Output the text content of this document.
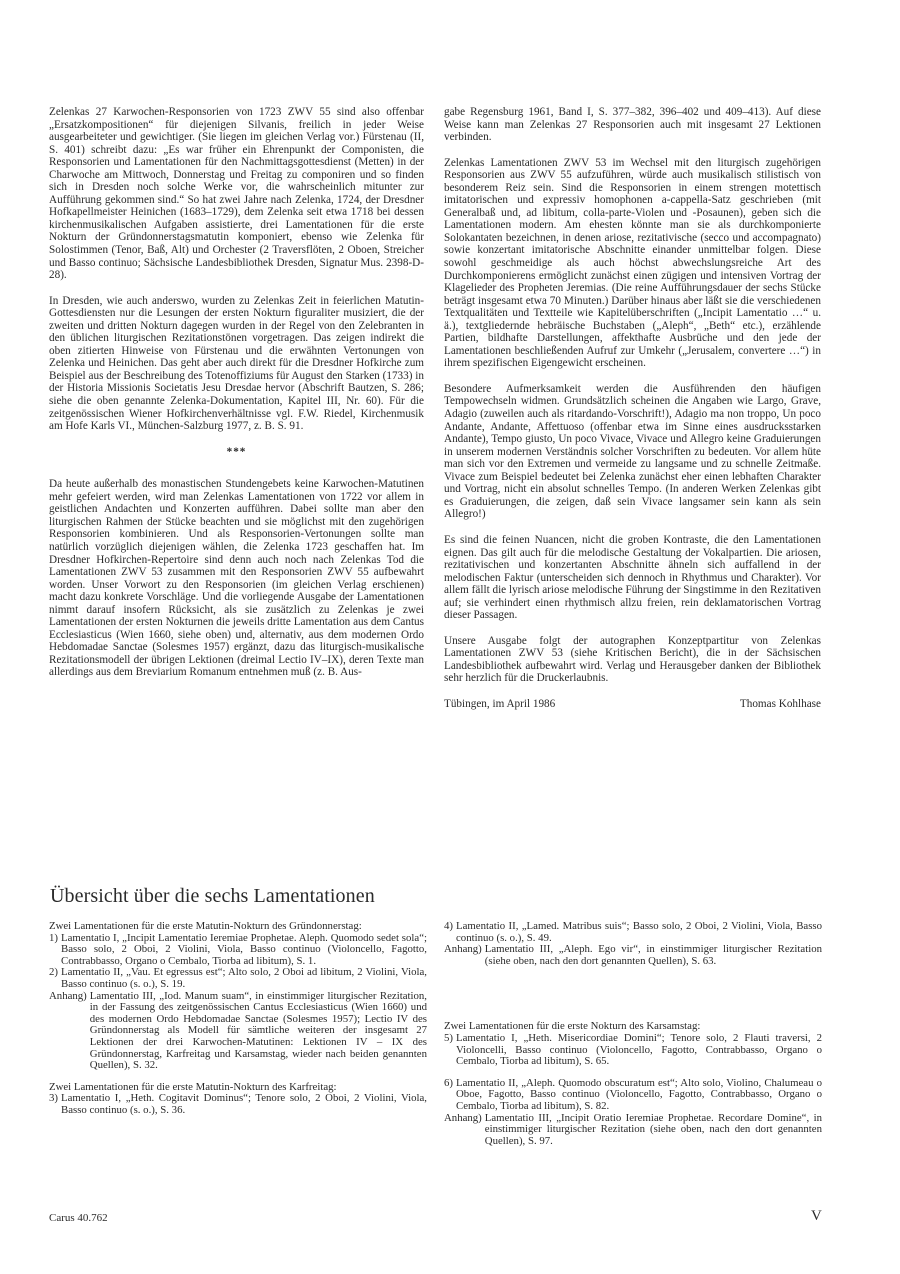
Zelenkas 27 Karwochen-Responsorien von 1723 ZWV 55 sind also offenbar „Ersatzkompositionen“ für diejenigen Silvanis, freilich in jeder Weise ausgearbeiteter und gewichtiger. (Sie liegen im gleichen Verlag vor.) Fürstenau (II, S. 401) schreibt dazu: „Es war früher ein Ehrenpunkt der Componisten, die Responsorien und Lamentationen für den Nachmittagsgottesdienst (Metten) in der Charwoche am Mittwoch, Donnerstag und Freitag zu componiren und so finden sich in Dresden noch solche Werke vor, die wahrscheinlich mitunter zur Aufführung gekommen sind.“ So hat zwei Jahre nach Zelenka, 1724, der Dresdner Hofkapellmeister Heinichen (1683–1729), dem Zelenka seit etwa 1718 bei dessen kirchenmusikalischen Aufgaben assistierte, drei Lamentationen für die erste Nokturn der Gründonnerstagsmatutin komponiert, ebenso wie Zelenka für Solostimmen (Tenor, Baß, Alt) und Orchester (2 Traversflöten, 2 Oboen, Streicher und Basso continuo; Sächsische Landesbibliothek Dresden, Signatur Mus. 2398-D-28).

In Dresden, wie auch anderswo, wurden zu Zelenkas Zeit in feierlichen Matutin-Gottesdiensten nur die Lesungen der ersten Nokturn figuraliter musiziert, die der zweiten und dritten Nokturn dagegen wurden in der Regel von den Zelebranten in den üblichen liturgischen Rezitationstönen vorgetragen. Das zeigen indirekt die oben zitierten Hinweise von Fürstenau und die erwähnten Vertonungen von Zelenka und Heinichen. Das geht aber auch direkt für die Dresdner Hofkirche zum Beispiel aus der Beschreibung des Totenoffiziums für August den Starken (1733) in der Historia Missionis Societatis Jesu Dresdae hervor (Abschrift Bautzen, S. 286; siehe die oben genannte Zelenka-Dokumentation, Kapitel III, Nr. 60). Für die zeitgenössischen Wiener Hofkirchenverhältnisse vgl. F.W. Riedel, Kirchenmusik am Hofe Karls VI., München-Salzburg 1977, z. B. S. 91.

***

Da heute außerhalb des monastischen Stundengebets keine Karwochen-Matutinen mehr gefeiert werden, wird man Zelenkas Lamentationen von 1722 vor allem in geistlichen Andachten und Konzerten aufführen. Dabei sollte man aber den liturgischen Rahmen der Stücke beachten und sie möglichst mit den zugehörigen Responsorien kombinieren. Und als Responsorien-Vertonungen sollte man natürlich vorzüglich diejenigen wählen, die Zelenka 1723 geschaffen hat. Im Dresdner Hofkirchen-Repertoire sind denn auch noch nach Zelenkas Tod die Lamentationen ZWV 53 zusammen mit den Responsorien ZWV 55 aufbewahrt worden. Unser Vorwort zu den Responsorien (im gleichen Verlag erschienen) macht dazu konkrete Vorschläge. Und die vorliegende Ausgabe der Lamentationen nimmt darauf insofern Rücksicht, als sie zusätzlich zu Zelenkas je zwei Lamentationen der ersten Nokturnen die jeweils dritte Lamentation aus dem Cantus Ecclesiasticus (Wien 1660, siehe oben) und, alternativ, aus dem modernen Ordo Hebdomadae Sanctae (Solesmes 1957) ergänzt, dazu das liturgisch-musikalische Rezitationsmodell der übrigen Lektionen (dreimal Lectio IV–IX), deren Texte man allerdings aus dem Breviarium Romanum entnehmen muß (z. B. Aus-

gabe Regensburg 1961, Band I, S. 377–382, 396–402 und 409–413). Auf diese Weise kann man Zelenkas 27 Responsorien auch mit insgesamt 27 Lektionen verbinden.

Zelenkas Lamentationen ZWV 53 im Wechsel mit den liturgisch zugehörigen Responsorien aus ZWV 55 aufzuführen, würde auch musikalisch stilistisch von besonderem Reiz sein. Sind die Responsorien in einem strengen motettisch imitatorischen und expressiv homophonen a-cappella-Satz geschrieben (mit Generalbaß und, ad libitum, colla-parte-Violen und -Posaunen), geben sich die Lamentationen modern. Am ehesten könnte man sie als durchkomponierte Solokantaten bezeichnen, in denen ariose, rezitativische (secco und accompagnato) sowie konzertant imitatorische Abschnitte einander unmittelbar folgen. Diese sowohl geschmeidige als auch höchst abwechslungsreiche Art des Durchkomponierens ermöglicht zunächst einen zügigen und intensiven Vortrag der Klagelieder des Propheten Jeremias. (Die reine Aufführungsdauer der sechs Stücke beträgt insgesamt etwa 70 Minuten.) Darüber hinaus aber läßt sie die verschiedenen Textqualitäten und Textteile wie Kapitelüberschriften („Incipit Lamentatio …“ u. ä.), textgliedernde hebräische Buchstaben („Aleph“, „Beth“ etc.), erzählende Partien, bildhafte Darstellungen, affekthafte Ausbrüche und den jede der Lamentationen beschließenden Aufruf zur Umkehr („Jerusalem, convertere …“) in ihrem spezifischen Eigengewicht erscheinen.

Besondere Aufmerksamkeit werden die Ausführenden den häufigen Tempowechseln widmen. Grundsätzlich scheinen die Angaben wie Largo, Grave, Adagio (zuweilen auch als ritardando-Vorschrift!), Adagio ma non troppo, Un poco Andante, Andante, Affettuoso (offenbar etwa im Sinne eines ausdrucksstarken Andante), Tempo giusto, Un poco Vivace, Vivace und Allegro keine Graduierungen in unserem modernen Verständnis solcher Vorschriften zu bedeuten. Vor allem hüte man sich vor den Extremen und vermeide zu langsame und zu schnelle Zeitmaße. Vivace zum Beispiel bedeutet bei Zelenka zunächst eher einen lebhaften Charakter und Vortrag, nicht ein absolut schnelles Tempo. (In anderen Werken Zelenkas gibt es Graduierungen, die zeigen, daß sein Vivace langsamer sein kann als sein Allegro!)

Es sind die feinen Nuancen, nicht die groben Kontraste, die den Lamentationen eignen. Das gilt auch für die melodische Gestaltung der Vokalpartien. Die ariosen, rezitativischen und konzertanten Abschnitte ähneln sich auffallend in der melodischen Faktur (unterscheiden sich dennoch in Rhythmus und Charakter). Vor allem fällt die lyrisch ariose melodische Führung der Singstimme in den Rezitativen auf; sie verhindert einen rhythmisch allzu freien, rein deklamatorischen Vortrag dieser Passagen.

Unsere Ausgabe folgt der autographen Konzeptpartitur von Zelenkas Lamentationen ZWV 53 (siehe Kritischen Bericht), die in der Sächsischen Landesbibliothek aufbewahrt wird. Verlag und Herausgeber danken der Bibliothek sehr herzlich für die Druckerlaubnis.

Tübingen, im April 1986	Thomas Kohlhase
Übersicht über die sechs Lamentationen
Zwei Lamentationen für die erste Matutin-Nokturn des Gründonnerstag:
1) Lamentatio I, „Incipit Lamentatio Ieremiae Prophetae. Aleph. Quomodo sedet sola“; Basso solo, 2 Oboi, 2 Violini, Viola, Basso continuo (Violoncello, Fagotto, Contrabbasso, Organo o Cembalo, Tiorba ad libitum), S. 1.
2) Lamentatio II, „Vau. Et egressus est“; Alto solo, 2 Oboi ad libitum, 2 Violini, Viola, Basso continuo (s. o.), S. 19.
Anhang) Lamentatio III, „Iod. Manum suam“, in einstimmiger liturgischer Rezitation, in der Fassung des zeitgenössischen Cantus Ecclesiasticus (Wien 1660) und des modernen Ordo Hebdomadae Sanctae (Solesmes 1957); Lectio IV des Gründonnerstag als Modell für sämtliche weiteren der insgesamt 27 Lektionen der drei Karwochen-Matutinen: Lektionen IV – IX des Gründonnerstag, Karfreitag und Karsamstag, wieder nach beiden genannten Quellen), S. 32.
Zwei Lamentationen für die erste Matutin-Nokturn des Karfreitag:
3) Lamentatio I, „Heth. Cogitavit Dominus“; Tenore solo, 2 Oboi, 2 Violini, Viola, Basso continuo (s. o.), S. 36.
4) Lamentatio II, „Lamed. Matribus suis“; Basso solo, 2 Oboi, 2 Violini, Viola, Basso continuo (s. o.), S. 49.
Anhang) Lamentatio III, „Aleph. Ego vir“, in einstimmiger liturgischer Rezitation (siehe oben, nach den dort genannten Quellen), S. 63.
Zwei Lamentationen für die erste Nokturn des Karsamstag:
5) Lamentatio I, „Heth. Misericordiae Domini“; Tenore solo, 2 Flauti traversi, 2 Violoncelli, Basso continuo (Violoncello, Fagotto, Contrabbasso, Organo o Cembalo, Tiorba ad libitum), S. 65.
6) Lamentatio II, „Aleph. Quomodo obscuratum est“; Alto solo, Violino, Chalumeau o Oboe, Fagotto, Basso continuo (Violoncello, Fagotto, Contrabbasso, Organo o Cembalo, Tiorba ad libitum), S. 82.
Anhang) Lamentatio III, „Incipit Oratio Ieremiae Prophetae. Recordare Domine“, in einstimmiger liturgischer Rezitation (siehe oben, nach den dort genannten Quellen), S. 97.
Carus 40.762	V
